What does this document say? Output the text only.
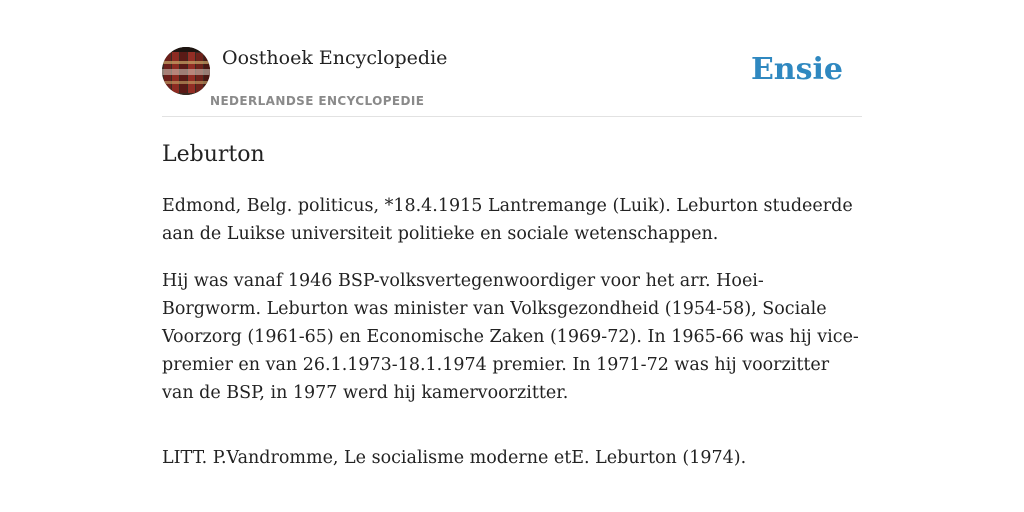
Oosthoek Encyclopedie
NEDERLANDSE ENCYCLOPEDIE
Ensie
Leburton

Edmond, Belg. politicus, *18.4.1915 Lantremange (Luik). Leburton studeerde aan de Luikse universiteit politieke en sociale wetenschappen.

Hij was vanaf 1946 BSP-volksvertegenwoordiger voor het arr. Hoei-Borgworm. Leburton was minister van Volksgezondheid (1954-58), Sociale Voorzorg (1961-65) en Economische Zaken (1969-72). In 1965-66 was hij vice-premier en van 26.1.1973-18.1.1974 premier. In 1971-72 was hij voorzitter van de BSP, in 1977 werd hij kamervoorzitter.

LITT. P.Vandromme, Le socialisme moderne etE. Leburton (1974).
